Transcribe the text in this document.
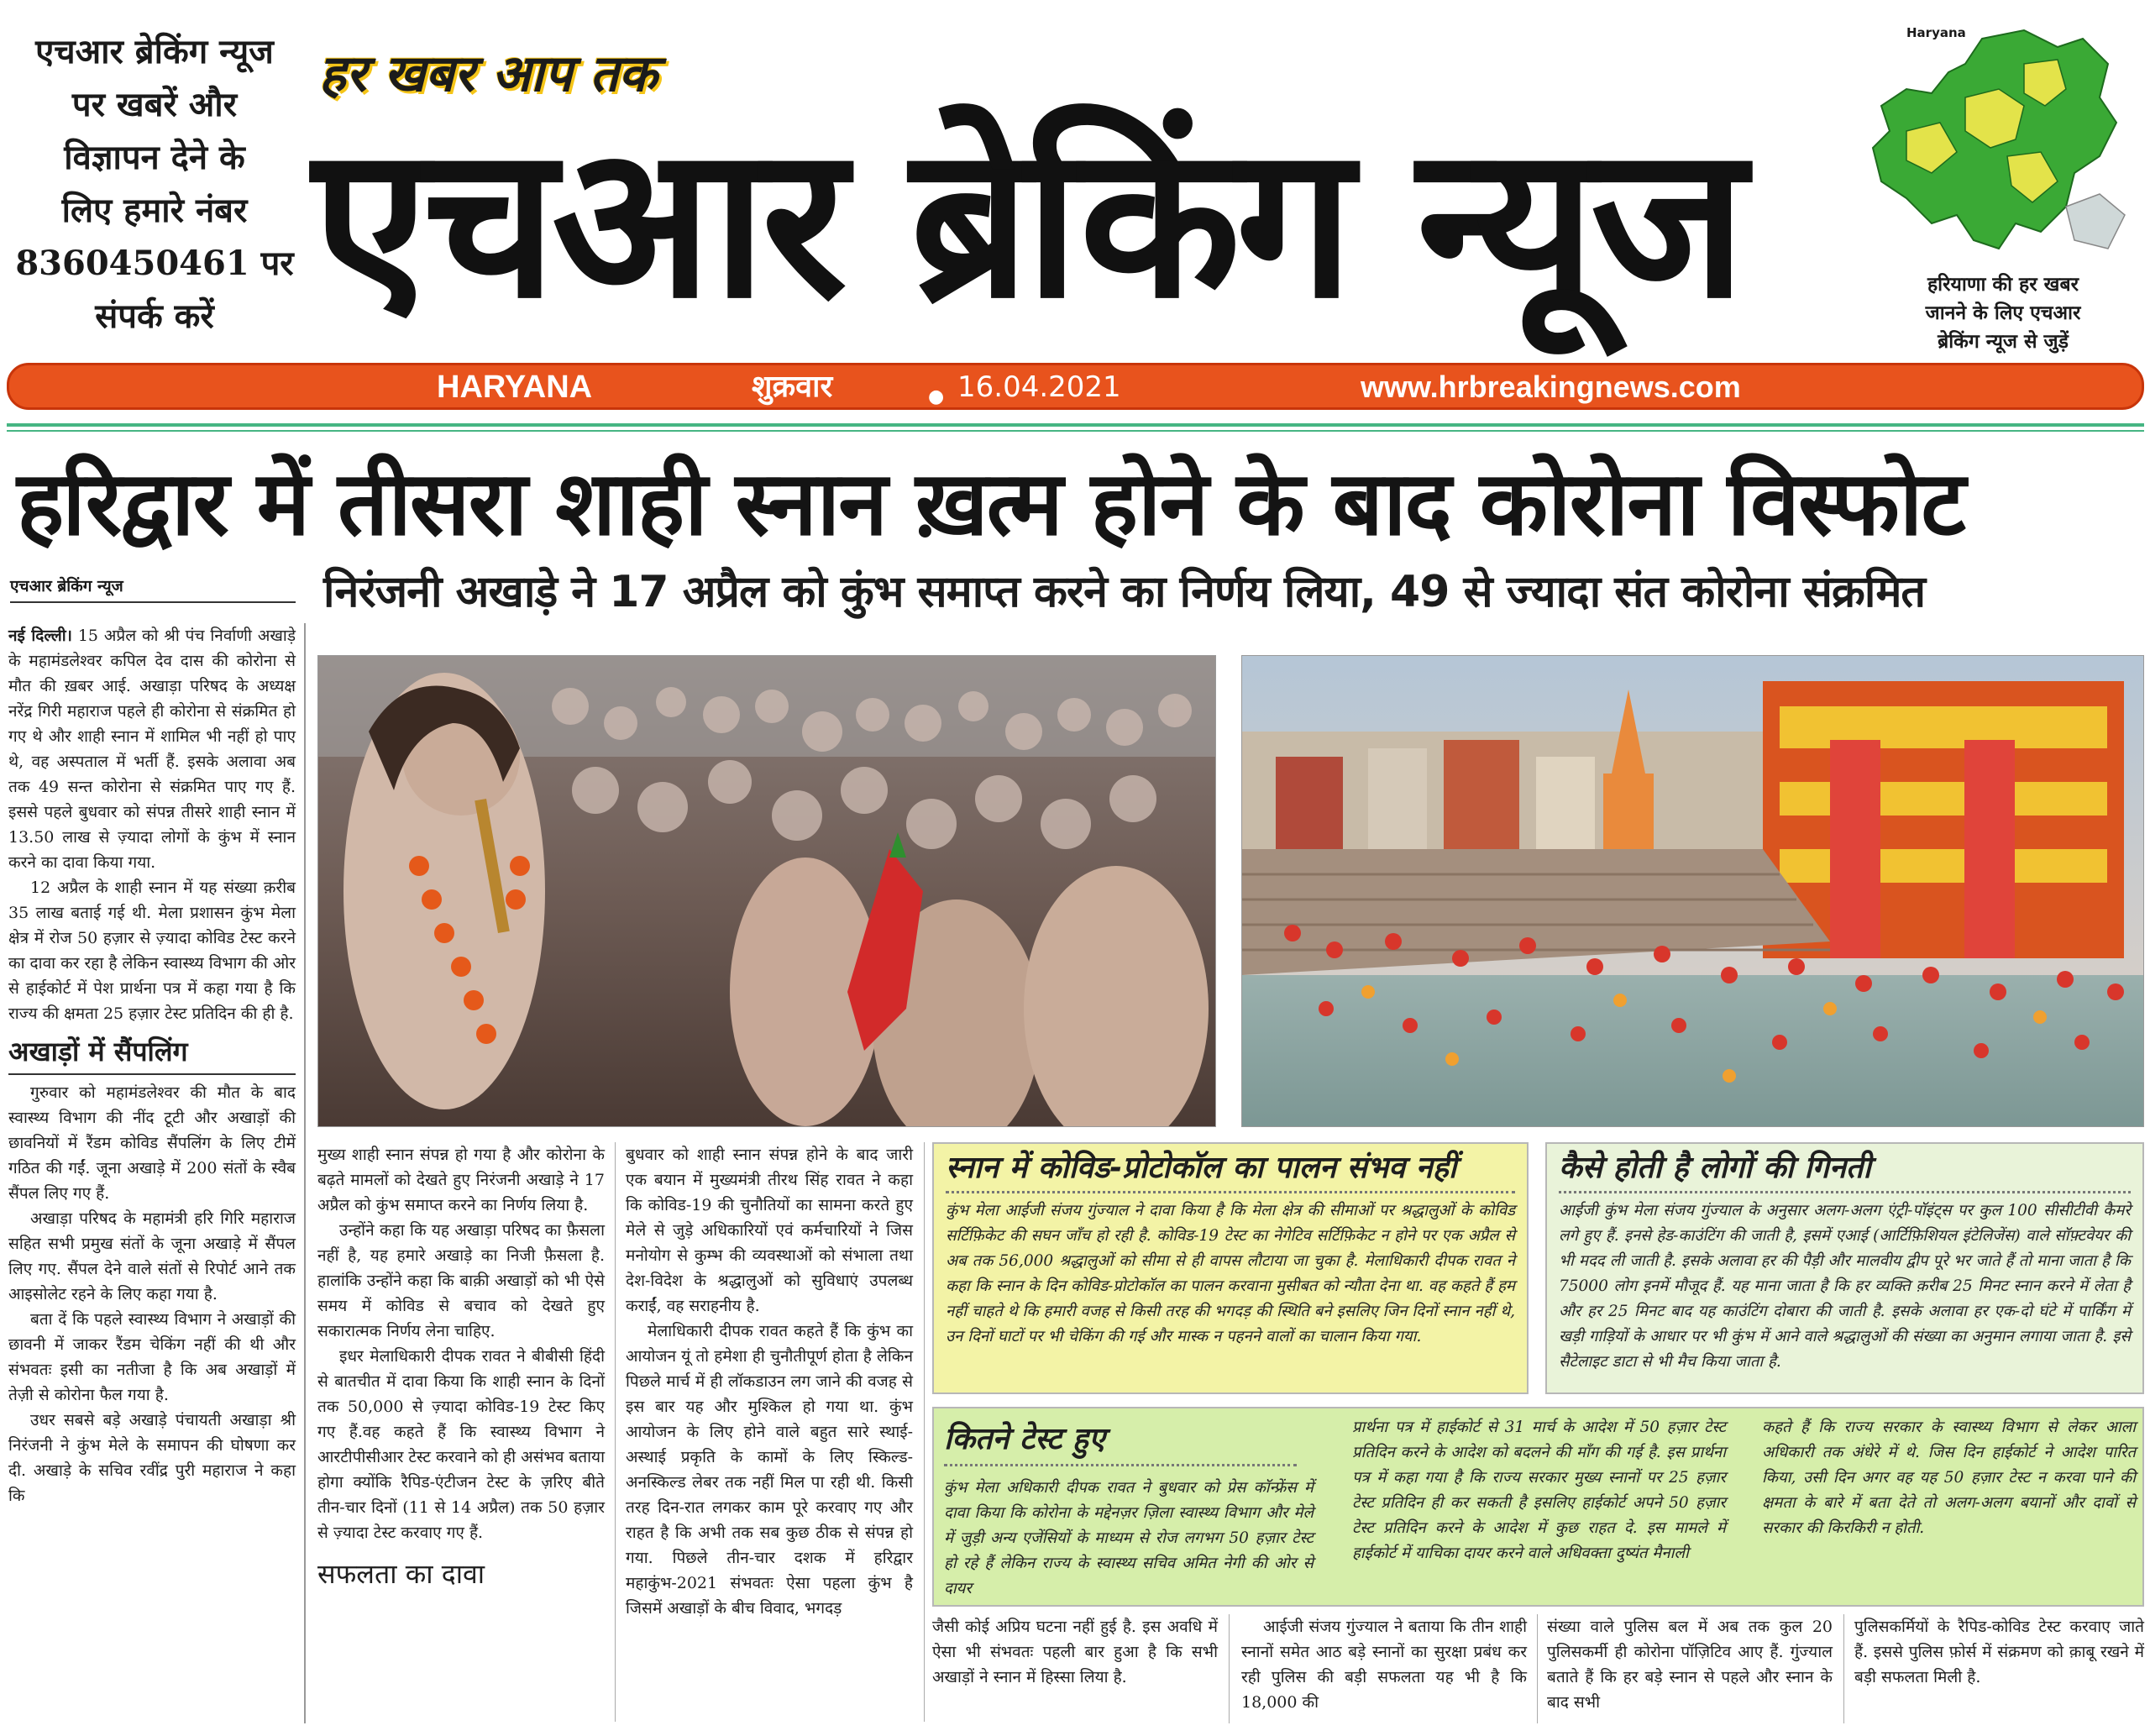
एचआर ब्रेकिंग न्यूज
पर खबरें और
विज्ञापन देने के
लिए हमारे नंबर
8360450461 पर
संपर्क करें
हर खबर आप तक
एचआर ब्रेकिंग न्यूज
Haryana
हरियाणा की हर खबर
जानने के लिए एचआर
ब्रेकिंग न्यूज से जुड़ें
HARYANA	शुक्रवार	● 16.04.2021	www.hrbreakingnews.com
हरिद्वार में तीसरा शाही स्नान ख़त्म होने के बाद कोरोना विस्फोट
निरंजनी अखाड़े ने 17 अप्रैल को कुंभ समाप्त करने का निर्णय लिया, 49 से ज्यादा संत कोरोना संक्रमित
एचआर ब्रेकिंग न्यूज

नई दिल्ली। 15 अप्रैल को श्री पंच निर्वाणी अखाड़े के महामंडलेश्वर कपिल देव दास की कोरोना से मौत की ख़बर आई. अखाड़ा परिषद के अध्यक्ष नरेंद्र गिरी महाराज पहले ही कोरोना से संक्रमित हो गए थे और शाही स्नान में शामिल भी नहीं हो पाए थे, वह अस्पताल में भर्ती हैं. इसके अलावा अब तक 49 सन्त कोरोना से संक्रमित पाए गए हैं. इससे पहले बुधवार को संपन्न तीसरे शाही स्नान में 13.50 लाख से ज़्यादा लोगों के कुंभ में स्नान करने का दावा किया गया.

12 अप्रैल के शाही स्नान में यह संख्या क़रीब 35 लाख बताई गई थी. मेला प्रशासन कुंभ मेला क्षेत्र में रोज 50 हज़ार से ज़्यादा कोविड टेस्ट करने का दावा कर रहा है लेकिन स्वास्थ्य विभाग की ओर से हाईकोर्ट में पेश प्रार्थना पत्र में कहा गया है कि राज्य की क्षमता 25 हज़ार टेस्ट प्रतिदिन की ही है.

अखाड़ों में सैंपलिंग

गुरुवार को महामंडलेश्वर की मौत के बाद स्वास्थ्य विभाग की नींद टूटी और अखाड़ों की छावनियों में रैंडम कोविड सैंपलिंग के लिए टीमें गठित की गईं. जूना अखाड़े में 200 संतों के स्वैब सैंपल लिए गए हैं.

अखाड़ा परिषद के महामंत्री हरि गिरि महाराज सहित सभी प्रमुख संतों के जूना अखाड़े में सैंपल लिए गए. सैंपल देने वाले संतों से रिपोर्ट आने तक आइसोलेट रहने के लिए कहा गया है.

बता दें कि पहले स्वास्थ्य विभाग ने अखाड़ों की छावनी में जाकर रैंडम चेकिंग नहीं की थी और संभवतः इसी का नतीजा है कि अब अखाड़ों में तेज़ी से कोरोना फैल गया है.

उधर सबसे बड़े अखाड़े पंचायती अखाड़ा श्री निरंजनी ने कुंभ मेले के समापन की घोषणा कर दी. अखाड़े के सचिव रवींद्र पुरी महाराज ने कहा कि

मुख्य शाही स्नान संपन्न हो गया है और कोरोना के बढ़ते मामलों को देखते हुए निरंजनी अखाड़े ने 17 अप्रैल को कुंभ समाप्त करने का निर्णय लिया है.

उन्होंने कहा कि यह अखाड़ा परिषद का फ़ैसला नहीं है, यह हमारे अखाड़े का निजी फ़ैसला है. हालांकि उन्होंने कहा कि बाक़ी अखाड़ों को भी ऐसे समय में कोविड से बचाव को देखते हुए सकारात्मक निर्णय लेना चाहिए.

इधर मेलाधिकारी दीपक रावत ने बीबीसी हिंदी से बातचीत में दावा किया कि शाही स्नान के दिनों तक 50,000 से ज़्यादा कोविड-19 टेस्ट किए गए हैं.वह कहते हैं कि स्वास्थ्य विभाग ने आरटीपीसीआर टेस्ट करवाने को ही असंभव बताया होगा क्योंकि रैपिड-एंटीजन टेस्ट के ज़रिए बीते तीन-चार दिनों (11 से 14 अप्रैल) तक 50 हज़ार से ज़्यादा टेस्ट करवाए गए हैं.

सफलता का दावा

बुधवार को शाही स्नान संपन्न होने के बाद जारी एक बयान में मुख्यमंत्री तीरथ सिंह रावत ने कहा कि कोविड-19 की चुनौतियों का सामना करते हुए मेले से जुड़े अधिकारियों एवं कर्मचारियों ने जिस मनोयोग से कुम्भ की व्यवस्थाओं को संभाला तथा देश-विदेश के श्रद्धालुओं को सुविधाएं उपलब्ध कराईं, वह सराहनीय है.

मेलाधिकारी दीपक रावत कहते हैं कि कुंभ का आयोजन यूं तो हमेशा ही चुनौतीपूर्ण होता है लेकिन पिछले मार्च में ही लॉकडाउन लग जाने की वजह से इस बार यह और मुश्किल हो गया था. कुंभ आयोजन के लिए होने वाले बहुत सारे स्थाई-अस्थाई प्रकृति के कामों के लिए स्किल्ड-अनस्किल्ड लेबर तक नहीं मिल पा रही थी. किसी तरह दिन-रात लगकर काम पूरे करवाए गए और राहत है कि अभी तक सब कुछ ठीक से संपन्न हो गया. पिछले तीन-चार दशक में हरिद्वार महाकुंभ-2021 संभवतः ऐसा पहला कुंभ है जिसमें अखाड़ों के बीच विवाद, भगदड़

स्नान में कोविड-प्रोटोकॉल का पालन संभव नहीं
कुंभ मेला आईजी संजय गुंज्याल ने दावा किया है कि मेला क्षेत्र की सीमाओं पर श्रद्धालुओं के कोविड सर्टिफ़िकेट की सघन जाँच हो रही है. कोविड-19 टेस्ट का नेगेटिव सर्टिफ़िकेट न होने पर एक अप्रैल से अब तक 56,000 श्रद्धालुओं को सीमा से ही वापस लौटाया जा चुका है. मेलाधिकारी दीपक रावत ने कहा कि स्नान के दिन कोविड-प्रोटोकॉल का पालन करवाना मुसीबत को न्यौता देना था. वह कहते हैं हम नहीं चाहते थे कि हमारी वजह से किसी तरह की भगदड़ की स्थिति बने इसलिए जिन दिनों स्नान नहीं थे, उन दिनों घाटों पर भी चेकिंग की गई और मास्क न पहनने वालों का चालान किया गया.
कैसे होती है लोगों की गिनती
आईजी कुंभ मेला संजय गुंज्याल के अनुसार अलग-अलग एंट्री-पॉइंट्स पर कुल 100 सीसीटीवी कैमरे लगे हुए हैं. इनसे हेड-काउंटिंग की जाती है, इसमें एआई (आर्टिफ़िशियल इंटेलिजेंस) वाले सॉफ़्टवेयर की भी मदद ली जाती है. इसके अलावा हर की पैड़ी और मालवीय द्वीप पूरे भर जाते हैं तो माना जाता है कि 75000 लोग इनमें मौजूद हैं. यह माना जाता है कि हर व्यक्ति क़रीब 25 मिनट स्नान करने में लेता है और हर 25 मिनट बाद यह काउंटिंग दोबारा की जाती है. इसके अलावा हर एक-दो घंटे में पार्किंग में खड़ी गाड़ियों के आधार पर भी कुंभ में आने वाले श्रद्धालुओं की संख्या का अनुमान लगाया जाता है. इसे सैटेलाइट डाटा से भी मैच किया जाता है.
कितने टेस्ट हुए
कुंभ मेला अधिकारी दीपक रावत ने बुधवार को प्रेस कॉन्फ्रेंस में दावा किया कि कोरोना के मद्देनज़र ज़िला स्वास्थ्य विभाग और मेले में जुड़ी अन्य एजेंसियों के माध्यम से रोज लगभग 50 हज़ार टेस्ट हो रहे हैं लेकिन राज्य के स्वास्थ्य सचिव अमित नेगी की ओर से दायर
प्रार्थना पत्र में हाईकोर्ट से 31 मार्च के आदेश में 50 हज़ार टेस्ट प्रतिदिन करने के आदेश को बदलने की माँग की गई है. इस प्रार्थना पत्र में कहा गया है कि राज्य सरकार मुख्य स्नानों पर 25 हज़ार टेस्ट प्रतिदिन ही कर सकती है इसलिए हाईकोर्ट अपने 50 हज़ार टेस्ट प्रतिदिन करने के आदेश में कुछ राहत दे. इस मामले में हाईकोर्ट में याचिका दायर करने वाले अधिवक्ता दुष्यंत मैनाली
कहते हैं कि राज्य सरकार के स्वास्थ्य विभाग से लेकर आला अधिकारी तक अंधेरे में थे. जिस दिन हाईकोर्ट ने आदेश पारित किया, उसी दिन अगर वह यह 50 हज़ार टेस्ट न करवा पाने की क्षमता के बारे में बता देते तो अलग-अलग बयानों और दावों से सरकार की किरकिरी न होती.

जैसी कोई अप्रिय घटना नहीं हुई है. इस अवधि में ऐसा भी संभवतः पहली बार हुआ है कि सभी अखाड़ों ने स्नान में हिस्सा लिया है.

आईजी संजय गुंज्याल ने बताया कि तीन शाही स्नानों समेत आठ बड़े स्नानों का सुरक्षा प्रबंध कर रही पुलिस की बड़ी सफलता यह भी है कि 18,000 की

संख्या वाले पुलिस बल में अब तक कुल 20 पुलिसकर्मी ही कोरोना पॉज़िटिव आए हैं. गुंज्याल बताते हैं कि हर बड़े स्नान से पहले और स्नान के बाद सभी

पुलिसकर्मियों के रैपिड-कोविड टेस्ट करवाए जाते हैं. इससे पुलिस फ़ोर्स में संक्रमण को क़ाबू रखने में बड़ी सफलता मिली है.
